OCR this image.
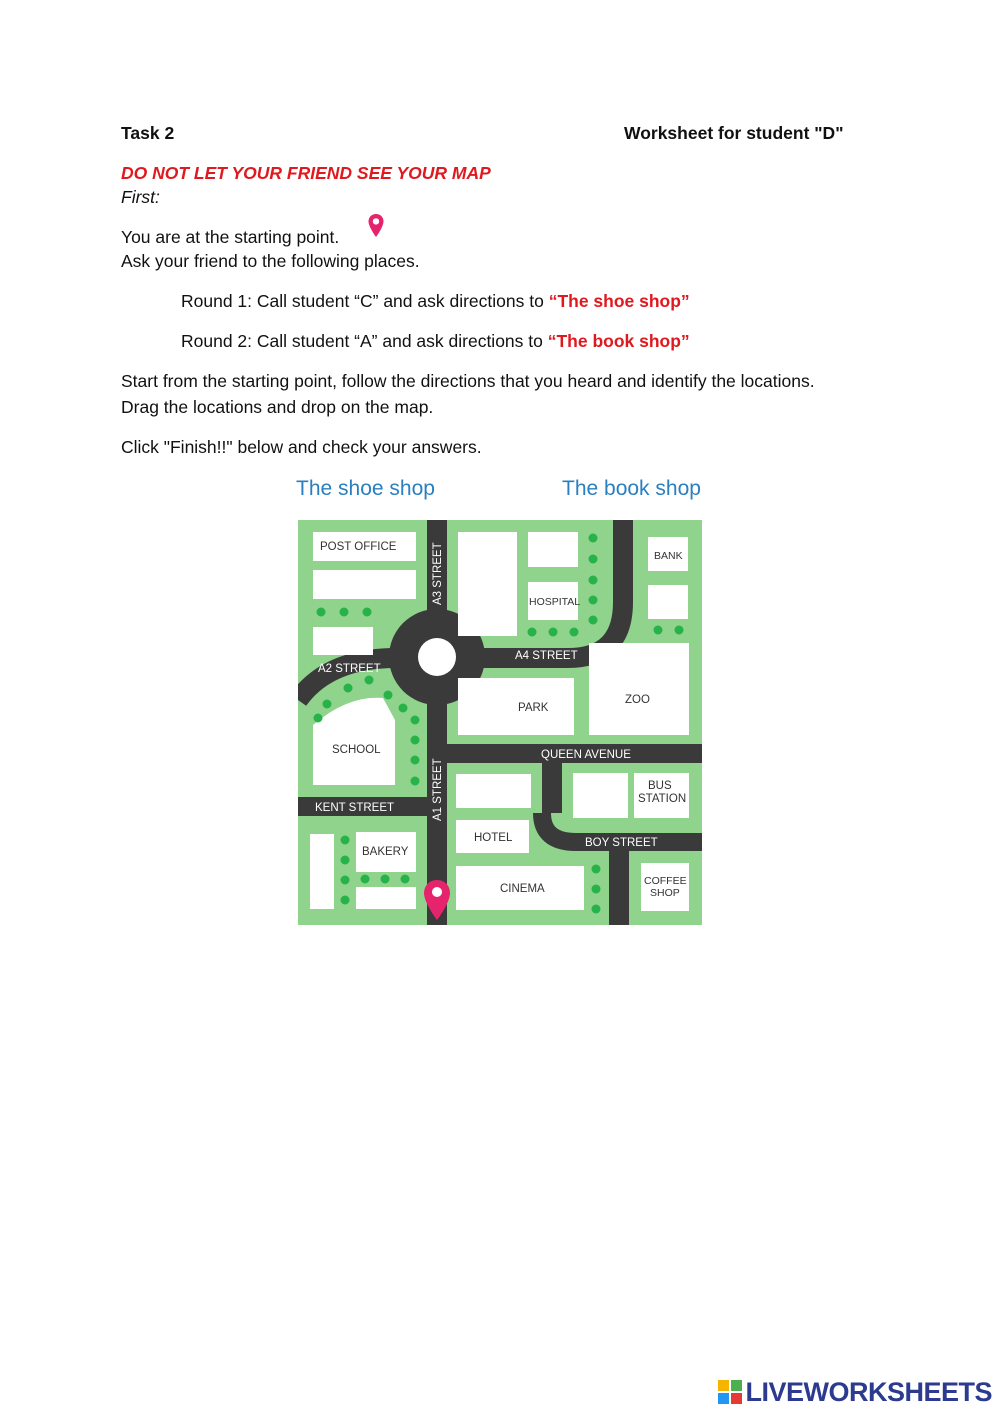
Task 2	Worksheet for student "D"
DO NOT LET YOUR FRIEND SEE YOUR MAP
First:
You are at the starting point.
Ask your friend to the following places.
Round 1: Call student “C” and ask directions to “The shoe shop”
Round 2: Call student “A” and ask directions to “The book shop”
Start from the starting point, follow the directions that you heard and identify the locations.
Drag the locations and drop on the map.
Click "Finish!!" below and check your answers.
The shoe shop	The book shop
POST OFFICE
HOSPITAL
BANK
PARK
ZOO
SCHOOL
BUS
STATION
BAKERY
HOTEL
CINEMA
COFFEE
SHOP
A3 STREET
A1 STREET
A4 STREET
A2 STREET
QUEEN AVENUE
KENT STREET
BOY STREET
LIVEWORKSHEETS
